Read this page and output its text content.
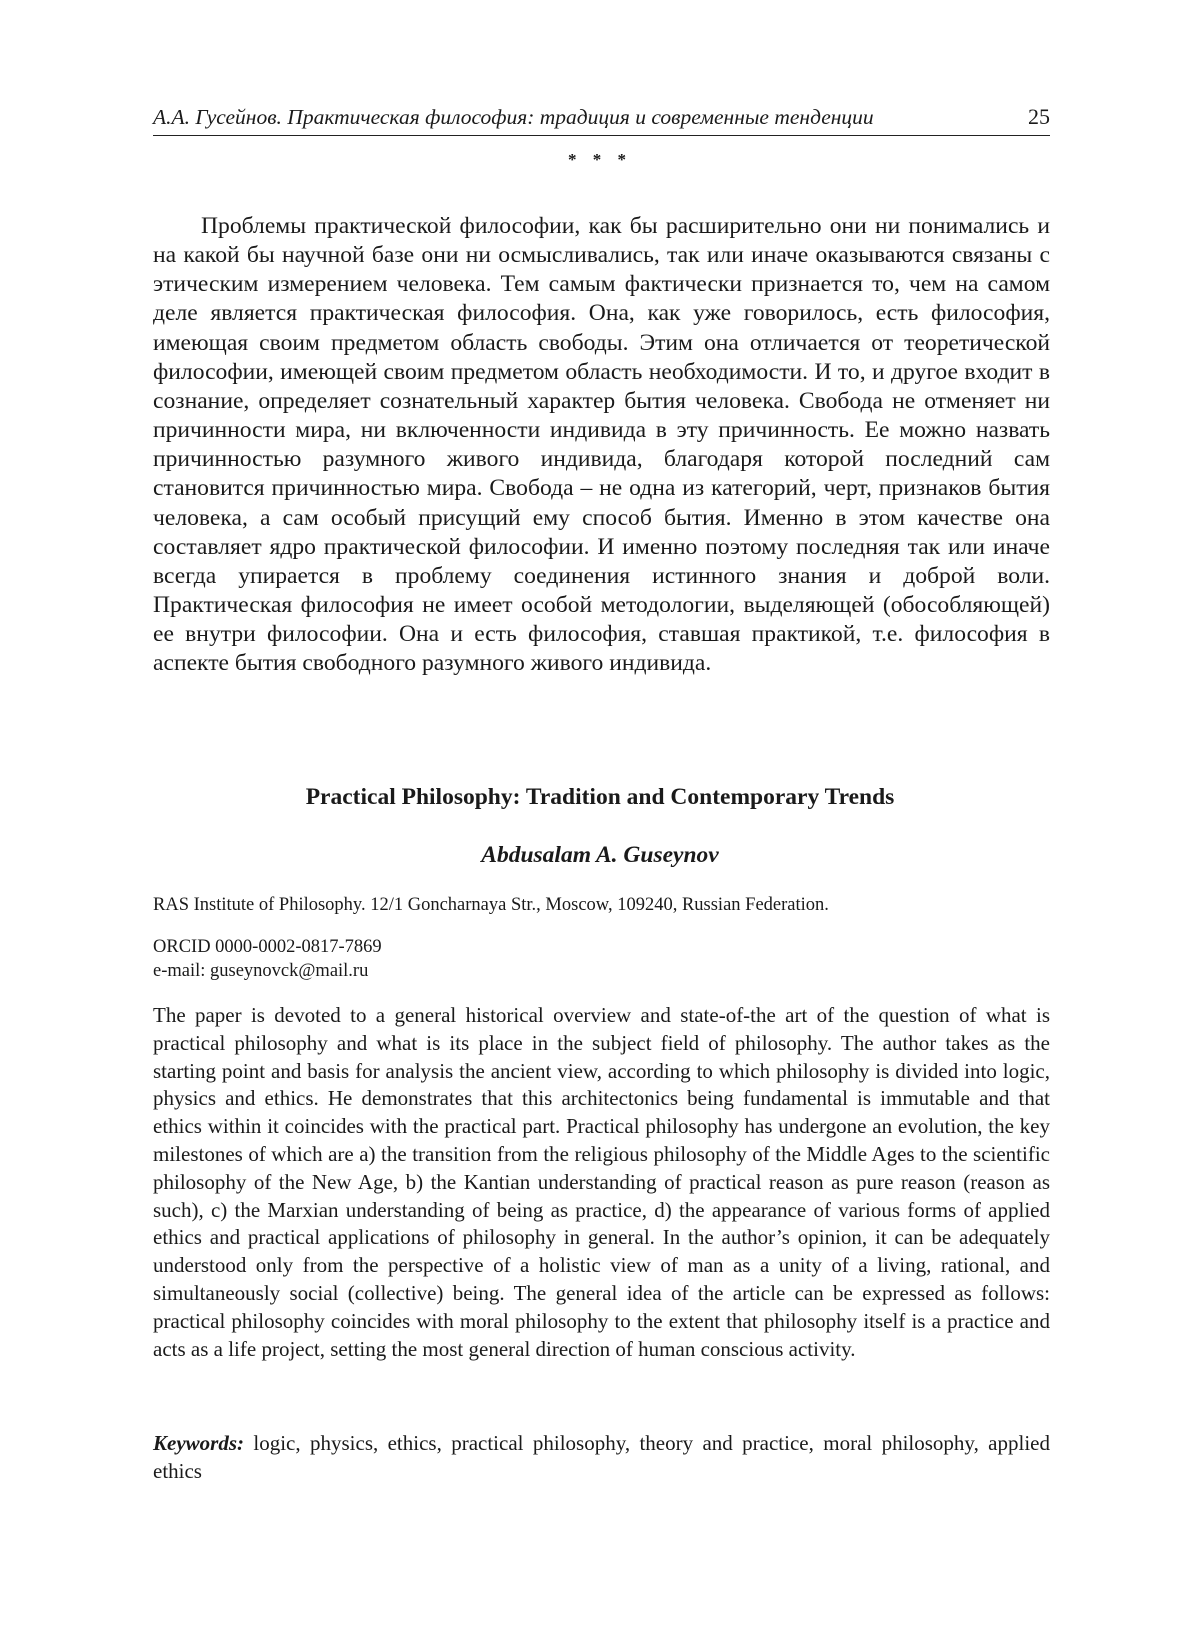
А.А. Гусейнов. Практическая философия: традиция и современные тенденции	25
* * *

Проблемы практической философии, как бы расширительно они ни понимались и на какой бы научной базе они ни осмысливались, так или иначе оказываются связаны с этическим измерением человека. Тем самым фактически признается то, чем на самом деле является практическая философия. Она, как уже говорилось, есть философия, имеющая своим предметом область свободы. Этим она отличается от теоретической философии, имеющей своим предметом область необходимости. И то, и другое входит в сознание, определяет сознательный характер бытия человека. Свобода не отменяет ни причинности мира, ни включенности индивида в эту причинность. Ее можно назвать причинностью разумного живого индивида, благодаря которой последний сам становится причинностью мира. Свобода – не одна из категорий, черт, признаков бытия человека, а сам особый присущий ему способ бытия. Именно в этом качестве она составляет ядро практической философии. И именно поэтому последняя так или иначе всегда упирается в проблему соединения истинного знания и доброй воли. Практическая философия не имеет особой методологии, выделяющей (обособляющей) ее внутри философии. Она и есть философия, ставшая практикой, т.е. философия в аспекте бытия свободного разумного живого индивида.

Practical Philosophy: Tradition and Contemporary Trends
Abdusalam A. Guseynov

RAS Institute of Philosophy. 12/1 Goncharnaya Str., Moscow, 109240, Russian Federation.

ORCID 0000-0002-0817-7869
e-mail: guseynovck@mail.ru

The paper is devoted to a general historical overview and state-of-the art of the question of what is practical philosophy and what is its place in the subject field of philosophy. The author takes as the starting point and basis for analysis the ancient view, according to which philosophy is divided into logic, physics and ethics. He demonstrates that this architectonics being fundamental is immutable and that ethics within it coincides with the practical part. Practical philosophy has undergone an evolution, the key milestones of which are a) the transition from the religious philosophy of the Middle Ages to the scientific philosophy of the New Age, b) the Kantian understanding of practical reason as pure reason (reason as such), c) the Marxian understanding of being as practice, d) the appearance of various forms of applied ethics and practical applications of philosophy in general. In the author’s opinion, it can be adequately understood only from the perspective of a holistic view of man as a unity of a living, rational, and simultaneously social (collective) being. The general idea of the article can be expressed as follows: practical philosophy coincides with moral philosophy to the extent that philosophy itself is a practice and acts as a life project, setting the most general direction of human conscious activity.

Keywords: logic, physics, ethics, practical philosophy, theory and practice, moral philosophy, applied ethics
